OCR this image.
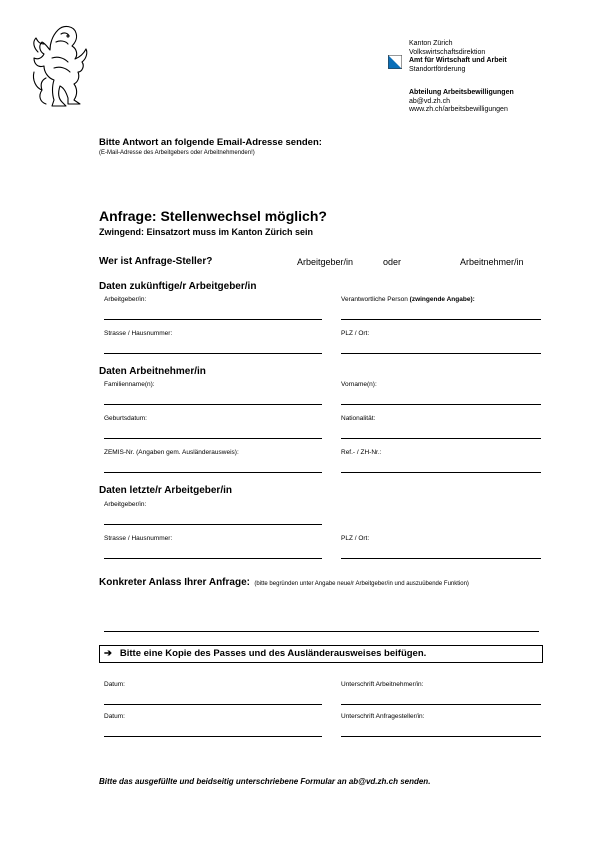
Kanton Zürich
Volkswirtschaftsdirektion
Amt für Wirtschaft und Arbeit
Standortförderung
Abteilung Arbeitsbewilligungen
ab@vd.zh.ch
www.zh.ch/arbeitsbewilligungen
Bitte Antwort an folgende Email-Adresse senden:
(E-Mail-Adresse des Arbeitgebers oder Arbeitnehmenden!)
Anfrage: Stellenwechsel möglich?
Zwingend: Einsatzort muss im Kanton Zürich sein
Wer ist Anfrage-Steller?	Arbeitgeber/in	oder	Arbeitnehmer/in
Daten zukünftige/r Arbeitgeber/in
Arbeitgeber/in:	Verantwortliche Person (zwingende Angabe):
Strasse / Hausnummer:	PLZ / Ort:
Daten Arbeitnehmer/in
Familienname(n):	Vorname(n):
Geburtsdatum:	Nationalität:
ZEMIS-Nr. (Angaben gem. Ausländerausweis):	Ref.- / ZH-Nr.:
Daten letzte/r Arbeitgeber/in
Arbeitgeber/in:
Strasse / Hausnummer:	PLZ / Ort:
Konkreter Anlass Ihrer Anfrage: (bitte begründen unter Angabe neue/r Arbeitgeber/in und auszuübende Funktion)
➔ Bitte eine Kopie des Passes und des Ausländerausweises beifügen.
Datum:	Unterschrift Arbeitnehmer/in:
Datum:	Unterschrift Anfragesteller/in:
Bitte das ausgefüllte und beidseitig unterschriebene Formular an ab@vd.zh.ch senden.
